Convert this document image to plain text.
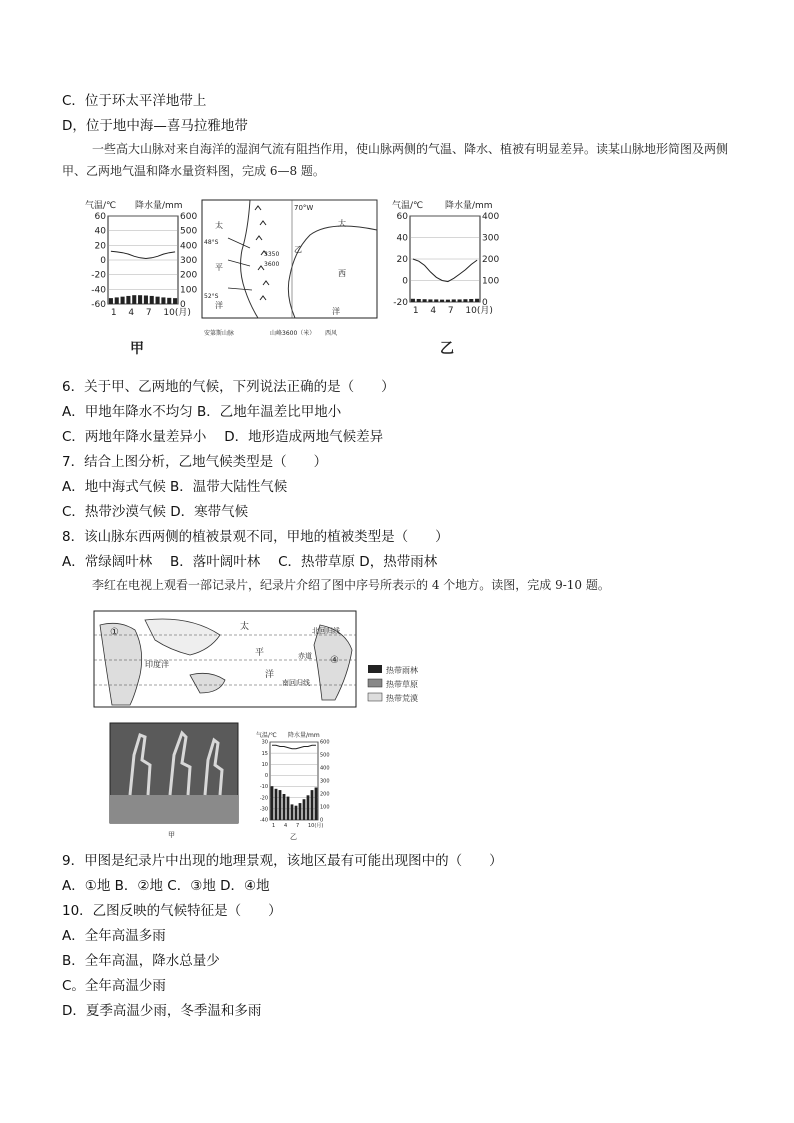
C．位于环太平洋地带上
D，位于地中海—喜马拉雅地带
一些高大山脉对来自海洋的湿润气流有阻挡作用，使山脉两侧的气温、降水、植被有明显差异。读某山脉地形简图及两侧甲、乙两地气温和降水量资料图，完成 6—8 题。
气温/℃ 降水量/mm
60
40
20
0
-20
-40
-60
600
500
400
300
200
100
0
1 4 7 10(月)
甲
70°W
太
平
洋
大
西
洋
乙
48°S
52°S
3350
3600
安第斯山脉	山峰3600（米） 西风
气温/℃ 降水量/mm
60
40
20
0
-20
400
300
200
100
0
1 4 7 10(月)
乙
6．关于甲、乙两地的气候，下列说法正确的是（　　）
A．甲地年降水不均匀 B．乙地年温差比甲地小
C．两地年降水量差异小　 D．地形造成两地气候差异
7．结合上图分析，乙地气候类型是（　　）
A．地中海式气候 B．温带大陆性气候
C．热带沙漠气候 D．寒带气候
8．该山脉东西两侧的植被景观不同，甲地的植被类型是（　　）
A．常绿阔叶林　 B．落叶阔叶林　 C．热带草原 D，热带雨林
李红在电视上观看一部记录片，纪录片介绍了图中序号所表示的 4 个地方。读图，完成 9-10 题。
太
平
洋
印度洋
北回归线
赤道
南回归线
①
④
热带雨林
热带草原
热带荒漠
甲
气温/℃ 降水量/mm
30
15
10
0
-10
-20
-30
-40
600
500
400
300
200
100
0
1 4 7 10(月)
乙
9．甲图是纪录片中出现的地理景观，该地区最有可能出现图中的（　　）
A．①地 B．②地 C．③地 D．④地
10．乙图反映的气候特征是（　　）
A．全年高温多雨
B．全年高温，降水总量少
C。全年高温少雨
D．夏季高温少雨，冬季温和多雨
